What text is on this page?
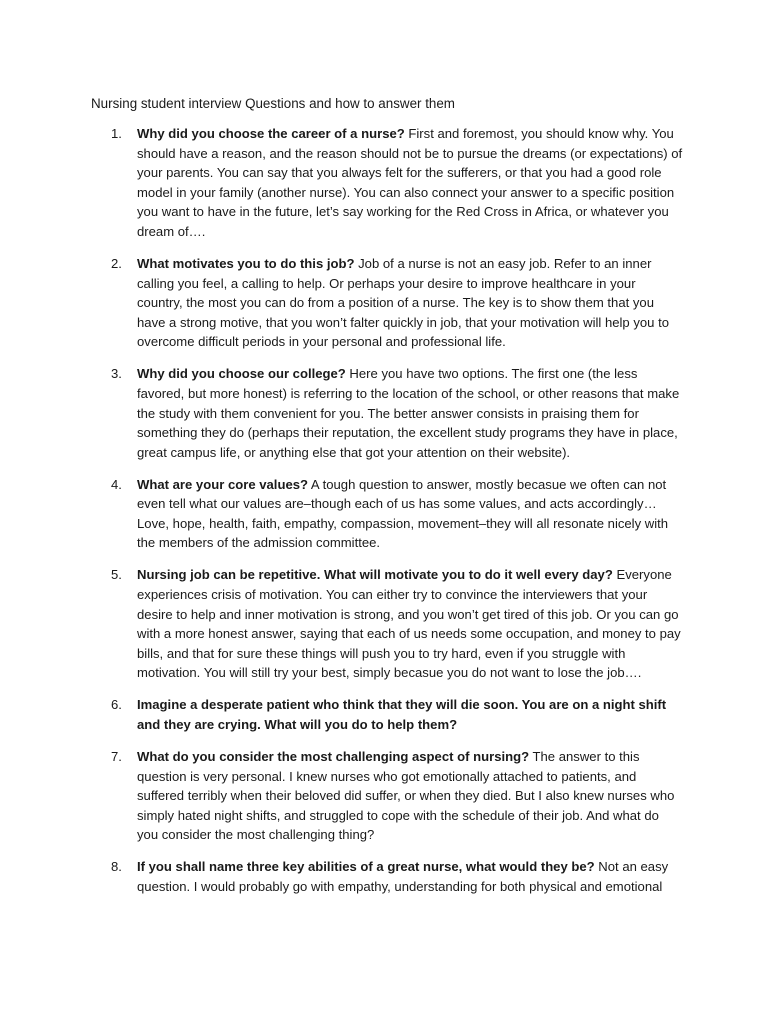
Nursing student interview Questions and how to answer them
1. Why did you choose the career of a nurse? First and foremost, you should know why. You should have a reason, and the reason should not be to pursue the dreams (or expectations) of your parents. You can say that you always felt for the sufferers, or that you had a good role model in your family (another nurse). You can also connect your answer to a specific position you want to have in the future, let’s say working for the Red Cross in Africa, or whatever you dream of….
2. What motivates you to do this job? Job of a nurse is not an easy job. Refer to an inner calling you feel, a calling to help. Or perhaps your desire to improve healthcare in your country, the most you can do from a position of a nurse. The key is to show them that you have a strong motive, that you won’t falter quickly in job, that your motivation will help you to overcome difficult periods in your personal and professional life.
3. Why did you choose our college? Here you have two options. The first one (the less favored, but more honest) is referring to the location of the school, or other reasons that make the study with them convenient for you. The better answer consists in praising them for something they do (perhaps their reputation, the excellent study programs they have in place, great campus life, or anything else that got your attention on their website).
4. What are your core values? A tough question to answer, mostly becasue we often can not even tell what our values are–though each of us has some values, and acts accordingly… Love, hope, health, faith, empathy, compassion, movement–they will all resonate nicely with the members of the admission committee.
5. Nursing job can be repetitive. What will motivate you to do it well every day? Everyone experiences crisis of motivation. You can either try to convince the interviewers that your desire to help and inner motivation is strong, and you won’t get tired of this job. Or you can go with a more honest answer, saying that each of us needs some occupation, and money to pay bills, and that for sure these things will push you to try hard, even if you struggle with motivation. You will still try your best, simply becasue you do not want to lose the job….
6. Imagine a desperate patient who think that they will die soon. You are on a night shift and they are crying. What will you do to help them?
7. What do you consider the most challenging aspect of nursing? The answer to this question is very personal. I knew nurses who got emotionally attached to patients, and suffered terribly when their beloved did suffer, or when they died. But I also knew nurses who simply hated night shifts, and struggled to cope with the schedule of their job. And what do you consider the most challenging thing?
8. If you shall name three key abilities of a great nurse, what would they be? Not an easy question. I would probably go with empathy, understanding for both physical and emotional
